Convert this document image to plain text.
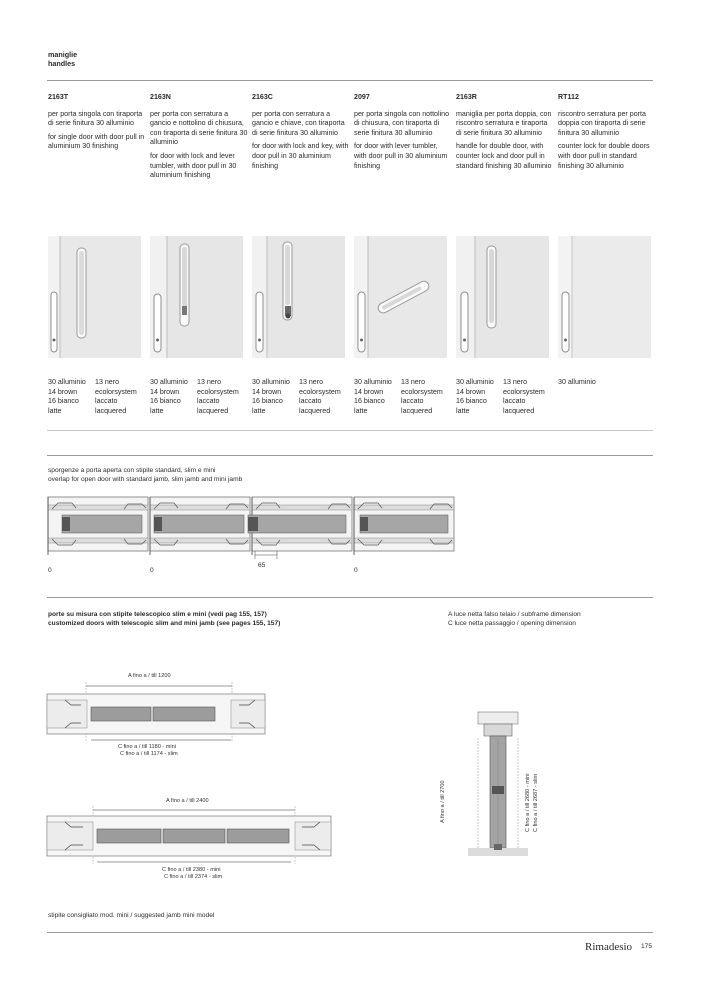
maniglie
handles
2163T
per porta singola con tiraporta di serie finitura 30 alluminio
for single door with door pull in aluminium 30 finishing
2163N
per porta con serratura a gancio e nottolino di chiusura, con tiraporta di serie finitura 30 alluminio
for door with lock and lever tumbler, with door pull in 30 aluminium finishing
2163C
per porta con serratura a gancio e chiave, con tiraporta di serie finitura 30 alluminio
for door with lock and key, with door pull in 30 aluminium finishing
2097
per porta singola con nottolino di chiusura, con tiraporta di serie finitura 30 alluminio
for door with lever tumbler, with door pull in 30 aluminium finishing
2163R
maniglia per porta doppia, con riscontro serratura e tiraporta di serie finitura 30 alluminio
handle for double door, with counter lock and door pull in standard finishing 30 alluminio
RT112
riscontro serratura per porta doppia con tiraporta di serie finitura 30 alluminio
counter lock for double doors with door pull in standard finishing 30 alluminio
30 alluminio
14 brown
16 bianco
latte
13 nero
ecolorsystem
laccato
lacquered
30 alluminio
14 brown
16 bianco
latte
13 nero
ecolorsystem
laccato
lacquered
30 alluminio
14 brown
16 bianco
latte
13 nero
ecolorsystem
laccato
lacquered
30 alluminio
14 brown
16 bianco
latte
13 nero
ecolorsystem
laccato
lacquered
30 alluminio
14 brown
16 bianco
latte
13 nero
ecolorsystem
laccato
lacquered
30 alluminio
sporgenze a porta aperta con stipite standard, slim e mini
overlap for open door with standard jamb, slim jamb and mini jamb
0	0
65
0
porte su misura con stipite telescopico slim e mini (vedi pag 155, 157)
customized doors with telescopic slim and mini jamb (see pages 155, 157)
A luce netta falso telaio / subframe dimension
C luce netta passaggio / opening dimension
A fino a / till 1200
C fino a / till 1180 - mini
C fino a / till 1174 - slim
A fino a / till 2400
C fino a / till 2380 - mini
C fino a / till 2374 - slim
A fino a / till 2700	C fino a / till 2680 - mini C fino a / till 2687 - slim
stipite consigliato mod. mini / suggested jamb mini model
Rimadesio 175
